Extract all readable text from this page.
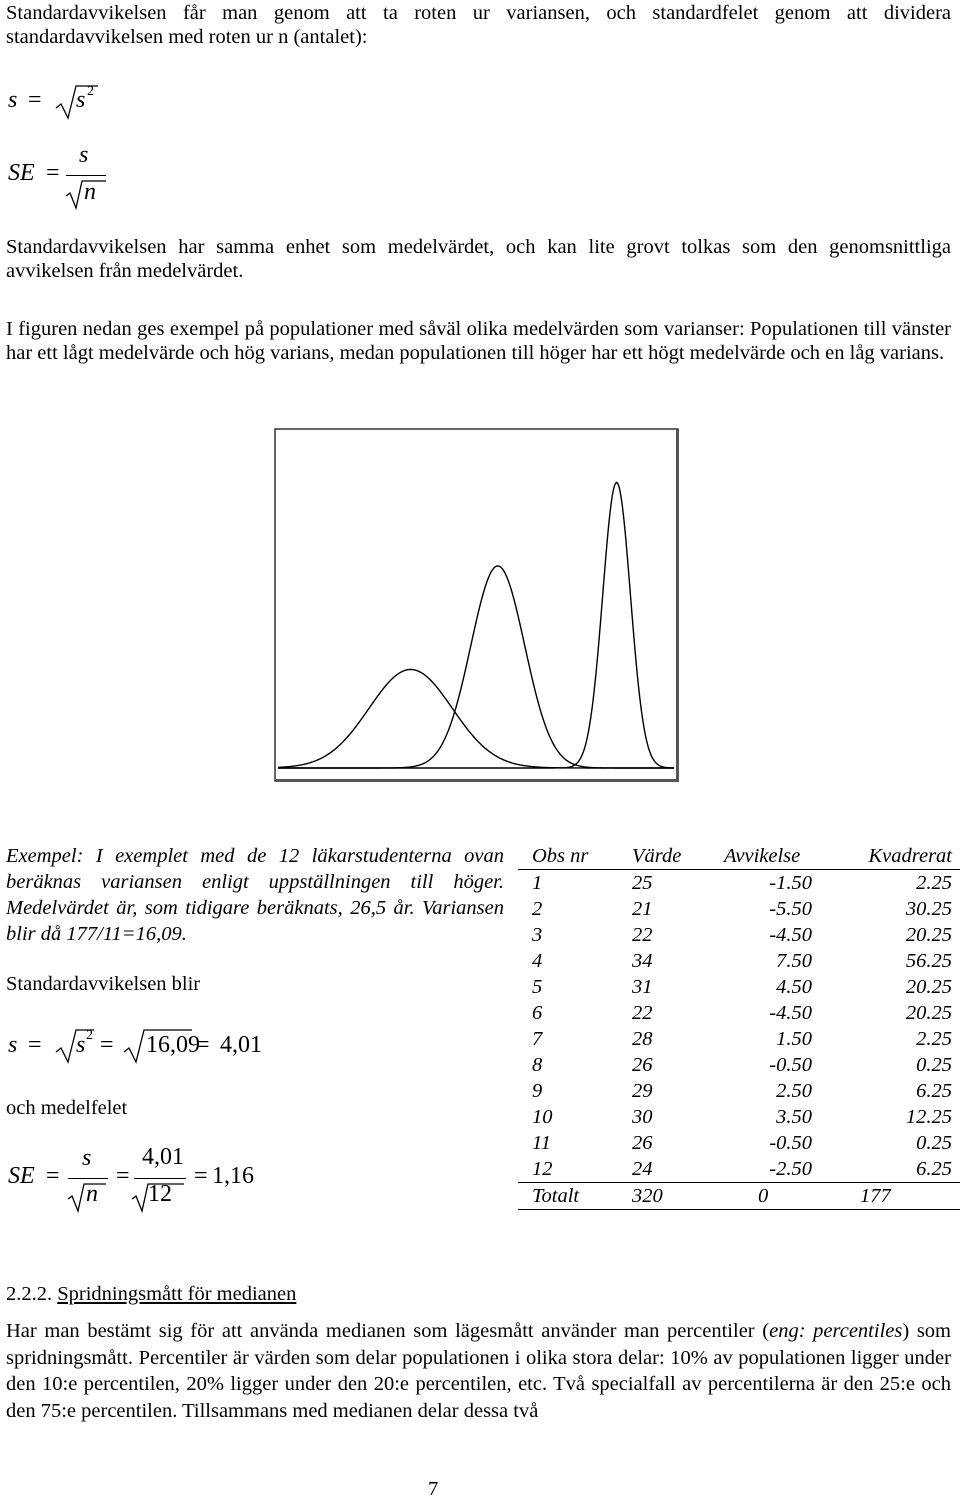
Standardavvikelsen får man genom att ta roten ur variansen, och standardfelet genom att dividera standardavvikelsen med roten ur n (antalet):
s = s 2
SE =
s
n
Standardavvikelsen har samma enhet som medelvärdet, och kan lite grovt tolkas som den genomsnittliga avvikelsen från medelvärdet.
I figuren nedan ges exempel på populationer med såväl olika medelvärden som varianser: Populationen till vänster har ett lågt medelvärde och hög varians, medan populationen till höger har ett högt medelvärde och en låg varians.
Exempel: I exemplet med de 12 läkarstudenterna ovan beräknas variansen enligt uppställningen till höger. Medelvärdet är, som tidigare beräknats, 26,5 år. Variansen blir då 177/11=16,09.
Standardavvikelsen blir
s = s 2 = 16,09
= 4,01
och medelfelet
SE =
s
n
=
4,01
12
= 1,16
Obs nr	Värde	Avvikelse	Kvadrerat
1	25	-1.50	2.25
2	21	-5.50	30.25
3	22	-4.50	20.25
4	34	7.50	56.25
5	31	4.50	20.25
6	22	-4.50	20.25
7	28	1.50	2.25
8	26	-0.50	0.25
9	29	2.50	6.25
10	30	3.50	12.25
11	26	-0.50	0.25
12	24	-2.50	6.25
Totalt	320	0	177
2.2.2. Spridningsmått för medianen
Har man bestämt sig för att använda medianen som lägesmått använder man percentiler (eng: percentiles) som spridningsmått. Percentiler är värden som delar populationen i olika stora delar: 10% av populationen ligger under den 10:e percentilen, 20% ligger under den 20:e percentilen, etc. Två specialfall av percentilerna är den 25:e och den 75:e percentilen. Tillsammans med medianen delar dessa två
7
